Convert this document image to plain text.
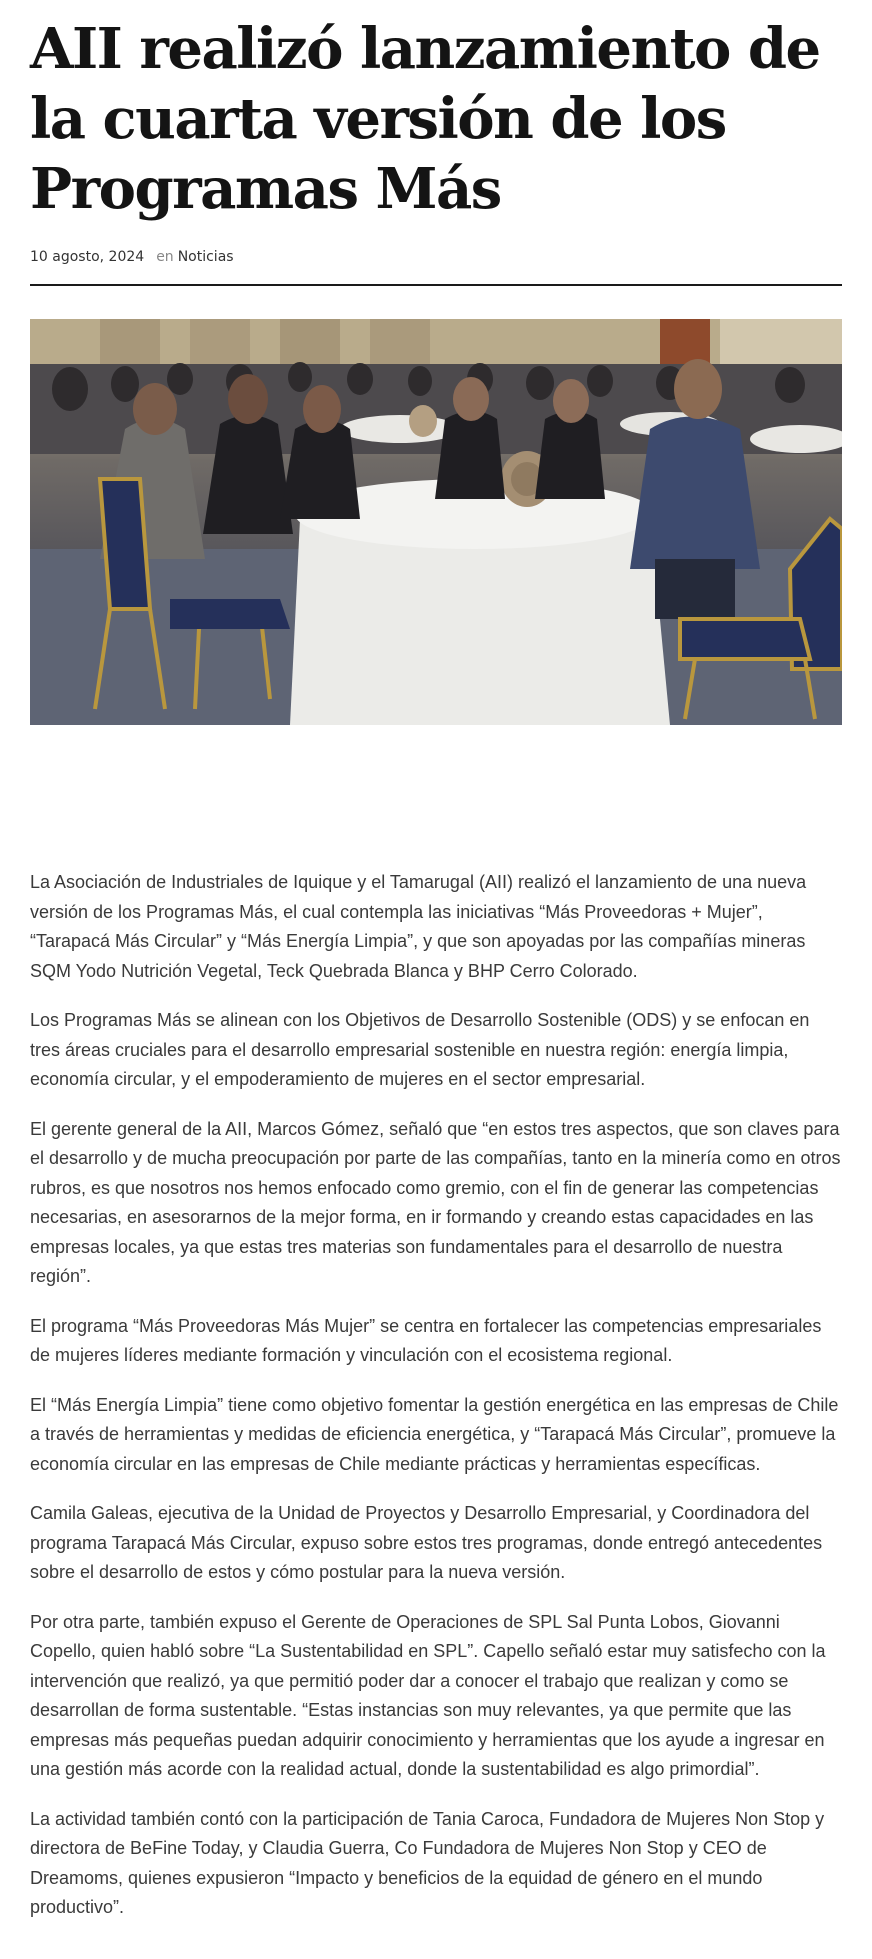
AII realizó lanzamiento de la cuarta versión de los Programas Más
10 agosto, 2024 en Noticias

La Asociación de Industriales de Iquique y el Tamarugal (AII) realizó el lanzamiento de una nueva versión de los Programas Más, el cual contempla las iniciativas “Más Proveedoras + Mujer”, “Tarapacá Más Circular” y “Más Energía Limpia”, y que son apoyadas por las compañías mineras SQM Yodo Nutrición Vegetal, Teck Quebrada Blanca y BHP Cerro Colorado.

Los Programas Más se alinean con los Objetivos de Desarrollo Sostenible (ODS) y se enfocan en tres áreas cruciales para el desarrollo empresarial sostenible en nuestra región: energía limpia, economía circular, y el empoderamiento de mujeres en el sector empresarial.

El gerente general de la AII, Marcos Gómez, señaló que “en estos tres aspectos, que son claves para el desarrollo y de mucha preocupación por parte de las compañías, tanto en la minería como en otros rubros, es que nosotros nos hemos enfocado como gremio, con el fin de generar las competencias necesarias, en asesorarnos de la mejor forma, en ir formando y creando estas capacidades en las empresas locales, ya que estas tres materias son fundamentales para el desarrollo de nuestra región”.

El programa “Más Proveedoras Más Mujer” se centra en fortalecer las competencias empresariales de mujeres líderes mediante formación y vinculación con el ecosistema regional.

El “Más Energía Limpia” tiene como objetivo fomentar la gestión energética en las empresas de Chile a través de herramientas y medidas de eficiencia energética, y “Tarapacá Más Circular”, promueve la economía circular en las empresas de Chile mediante prácticas y herramientas específicas.

Camila Galeas, ejecutiva de la Unidad de Proyectos y Desarrollo Empresarial, y Coordinadora del programa Tarapacá Más Circular, expuso sobre estos tres programas, donde entregó antecedentes sobre el desarrollo de estos y cómo postular para la nueva versión.

Por otra parte, también expuso el Gerente de Operaciones de SPL Sal Punta Lobos, Giovanni Copello, quien habló sobre “La Sustentabilidad en SPL”. Capello señaló estar muy satisfecho con la intervención que realizó, ya que permitió poder dar a conocer el trabajo que realizan y como se desarrollan de forma sustentable. “Estas instancias son muy relevantes, ya que permite que las empresas más pequeñas puedan adquirir conocimiento y herramientas que los ayude a ingresar en una gestión más acorde con la realidad actual, donde la sustentabilidad es algo primordial”.

La actividad también contó con la participación de Tania Caroca, Fundadora de Mujeres Non Stop y directora de BeFine Today, y Claudia Guerra, Co Fundadora de Mujeres Non Stop y CEO de Dreamoms, quienes expusieron “Impacto y beneficios de la equidad de género en el mundo productivo”.
